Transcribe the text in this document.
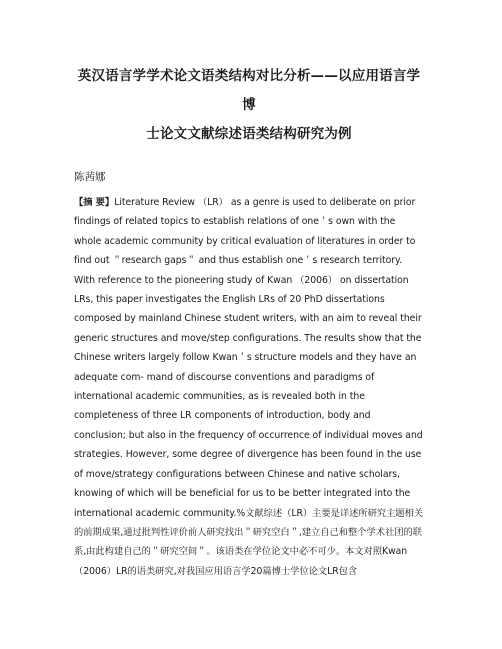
英汉语言学学术论文语类结构对比分析——以应用语言学博
士论文文献综述语类结构研究为例

陈茜娜

【摘 要】Literature Review （LR） as a genre is used to deliberate on prior findings of related topics to establish relations of one＇s own with the whole academic community by critical evaluation of literatures in order to find out ＂research gaps＂ and thus establish one＇s research territory. With reference to the pioneering study of Kwan （2006） on dissertation LRs, this paper investigates the English LRs of 20 PhD dissertations composed by mainland Chinese student writers, with an aim to reveal their generic structures and move/step configurations. The results show that the Chinese writers largely follow Kwan＇s structure models and they have an adequate com- mand of discourse conventions and paradigms of international academic communities, as is revealed both in the completeness of three LR components of introduction, body and conclusion; but also in the frequency of occurrence of individual moves and strategies. However, some degree of divergence has been found in the use of move/strategy configurations between Chinese and native scholars, knowing of which will be beneficial for us to be better integrated into the international academic community.%文献综述（LR）主要是详述所研究主题相关的前期成果,通过批判性评价前人研究找出＂研究空白＂,建立自己和整个学术社团的联系,由此构建自己的＂研究空间＂。该语类在学位论文中必不可少。本文对照Kwan（2006）LR的语类研究,对我国应用语言学20篇博士学位论文LR包含
